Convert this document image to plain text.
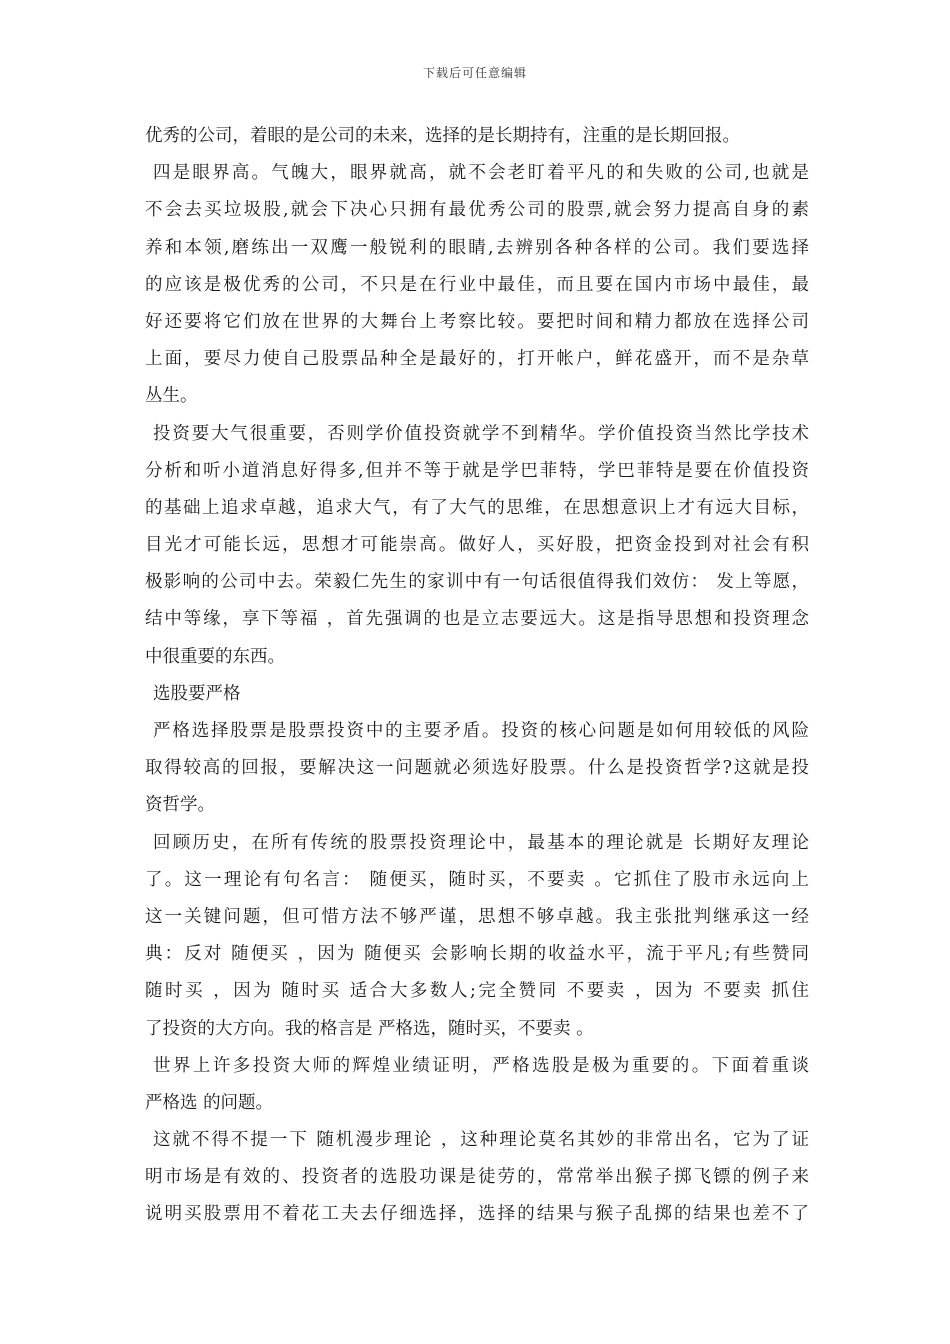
下载后可任意编辑
优秀的公司，着眼的是公司的未来，选择的是长期持有，注重的是长期回报。
四是眼界高。气魄大，眼界就高，就不会老盯着平凡的和失败的公司,也就是
不会去买垃圾股,就会下决心只拥有最优秀公司的股票,就会努力提高自身的素
养和本领,磨练出一双鹰一般锐利的眼睛,去辨别各种各样的公司。我们要选择
的应该是极优秀的公司，不只是在行业中最佳，而且要在国内市场中最佳，最
好还要将它们放在世界的大舞台上考察比较。要把时间和精力都放在选择公司
上面，要尽力使自己股票品种全是最好的，打开帐户，鲜花盛开，而不是杂草
丛生。
投资要大气很重要，否则学价值投资就学不到精华。学价值投资当然比学技术
分析和听小道消息好得多,但并不等于就是学巴菲特，学巴菲特是要在价值投资
的基础上追求卓越，追求大气，有了大气的思维，在思想意识上才有远大目标，
目光才可能长远，思想才可能崇高。做好人，买好股，把资金投到对社会有积
极影响的公司中去。荣毅仁先生的家训中有一句话很值得我们效仿： 发上等愿，
结中等缘，享下等福 ，首先强调的也是立志要远大。这是指导思想和投资理念
中很重要的东西。
选股要严格
严格选择股票是股票投资中的主要矛盾。投资的核心问题是如何用较低的风险
取得较高的回报，要解决这一问题就必须选好股票。什么是投资哲学?这就是投
资哲学。
回顾历史，在所有传统的股票投资理论中，最基本的理论就是 长期好友理论
了。这一理论有句名言： 随便买，随时买，不要卖 。它抓住了股市永远向上
这一关键问题，但可惜方法不够严谨，思想不够卓越。我主张批判继承这一经
典：反对 随便买 ，因为 随便买 会影响长期的收益水平，流于平凡;有些赞同
随时买 ，因为 随时买 适合大多数人;完全赞同 不要卖 ，因为 不要卖 抓住
了投资的大方向。我的格言是 严格选，随时买，不要卖 。
世界上许多投资大师的辉煌业绩证明，严格选股是极为重要的。下面着重谈
严格选 的问题。
这就不得不提一下 随机漫步理论 ，这种理论莫名其妙的非常出名，它为了证
明市场是有效的、投资者的选股功课是徒劳的，常常举出猴子掷飞镖的例子来
说明买股票用不着花工夫去仔细选择，选择的结果与猴子乱掷的结果也差不了
